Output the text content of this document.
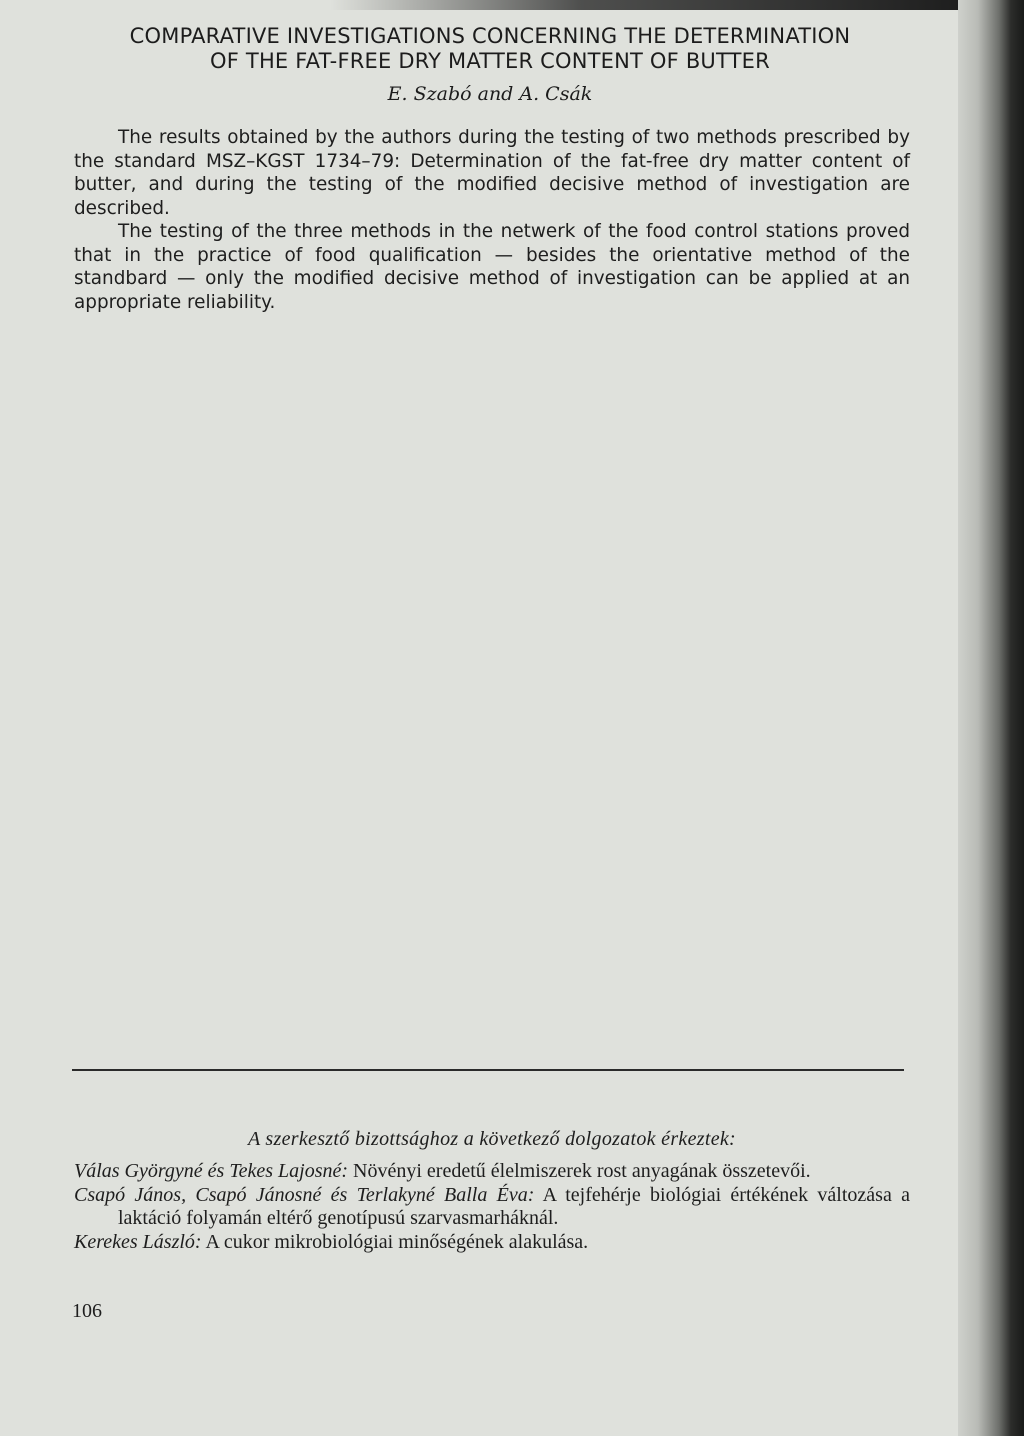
COMPARATIVE INVESTIGATIONS CONCERNING THE DETERMINATION
OF THE FAT-FREE DRY MATTER CONTENT OF BUTTER
E. Szabó and A. Csák

The results obtained by the authors during the testing of two methods prescribed by the standard MSZ–KGST 1734–79: Determination of the fat-free dry matter content of butter, and during the testing of the modified decisive method of investigation are described.

The testing of the three methods in the netwerk of the food control stations proved that in the practice of food qualification — besides the orientative method of the standbard — only the modified decisive method of investigation can be applied at an appropriate reliability.

A szerkesztő bizottsághoz a következő dolgozatok érkeztek:
Válas Györgyné és Tekes Lajosné: Növényi eredetű élelmiszerek rost anyagának összetevői.
Csapó János, Csapó Jánosné és Terlakyné Balla Éva: A tejfehérje biológiai értékének változása a laktáció folyamán eltérő genotípusú szarvasmarháknál.
Kerekes László: A cukor mikrobiológiai minőségének alakulása.
106
